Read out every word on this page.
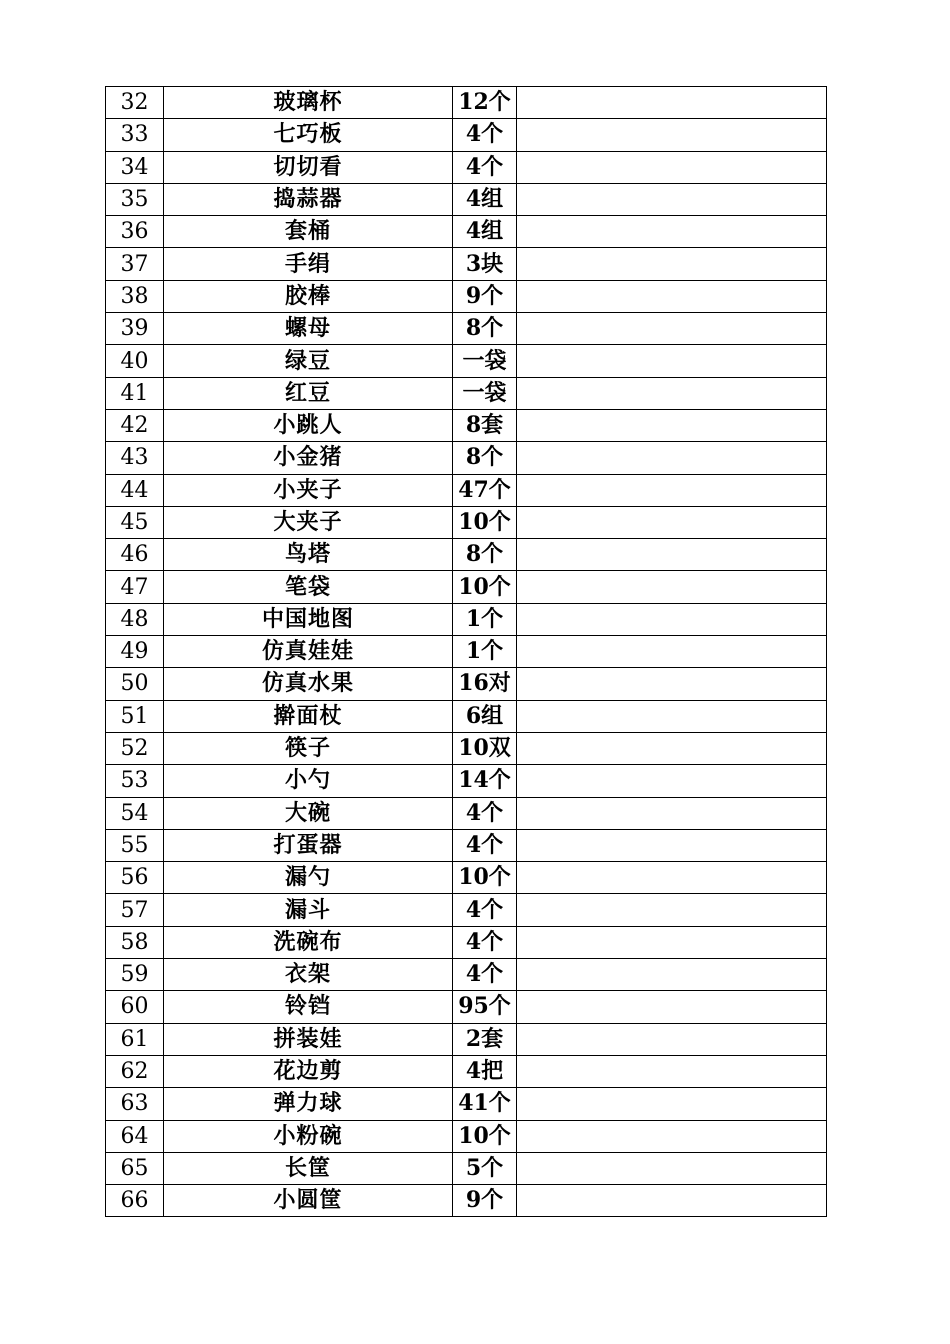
32	玻璃杯	12个	
33	七巧板	4个	
34	切切看	4个	
35	捣蒜器	4组	
36	套桶	4组	
37	手绢	3块	
38	胶棒	9个	
39	螺母	8个	
40	绿豆	一袋	
41	红豆	一袋	
42	小跳人	8套	
43	小金猪	8个	
44	小夹子	47个	
45	大夹子	10个	
46	鸟塔	8个	
47	笔袋	10个	
48	中国地图	1个	
49	仿真娃娃	1个	
50	仿真水果	16对	
51	擀面杖	6组	
52	筷子	10双	
53	小勺	14个	
54	大碗	4个	
55	打蛋器	4个	
56	漏勺	10个	
57	漏斗	4个	
58	洗碗布	4个	
59	衣架	4个	
60	铃铛	95个	
61	拼装娃	2套	
62	花边剪	4把	
63	弹力球	41个	
64	小粉碗	10个	
65	长筐	5个	
66	小圆筐	9个	
